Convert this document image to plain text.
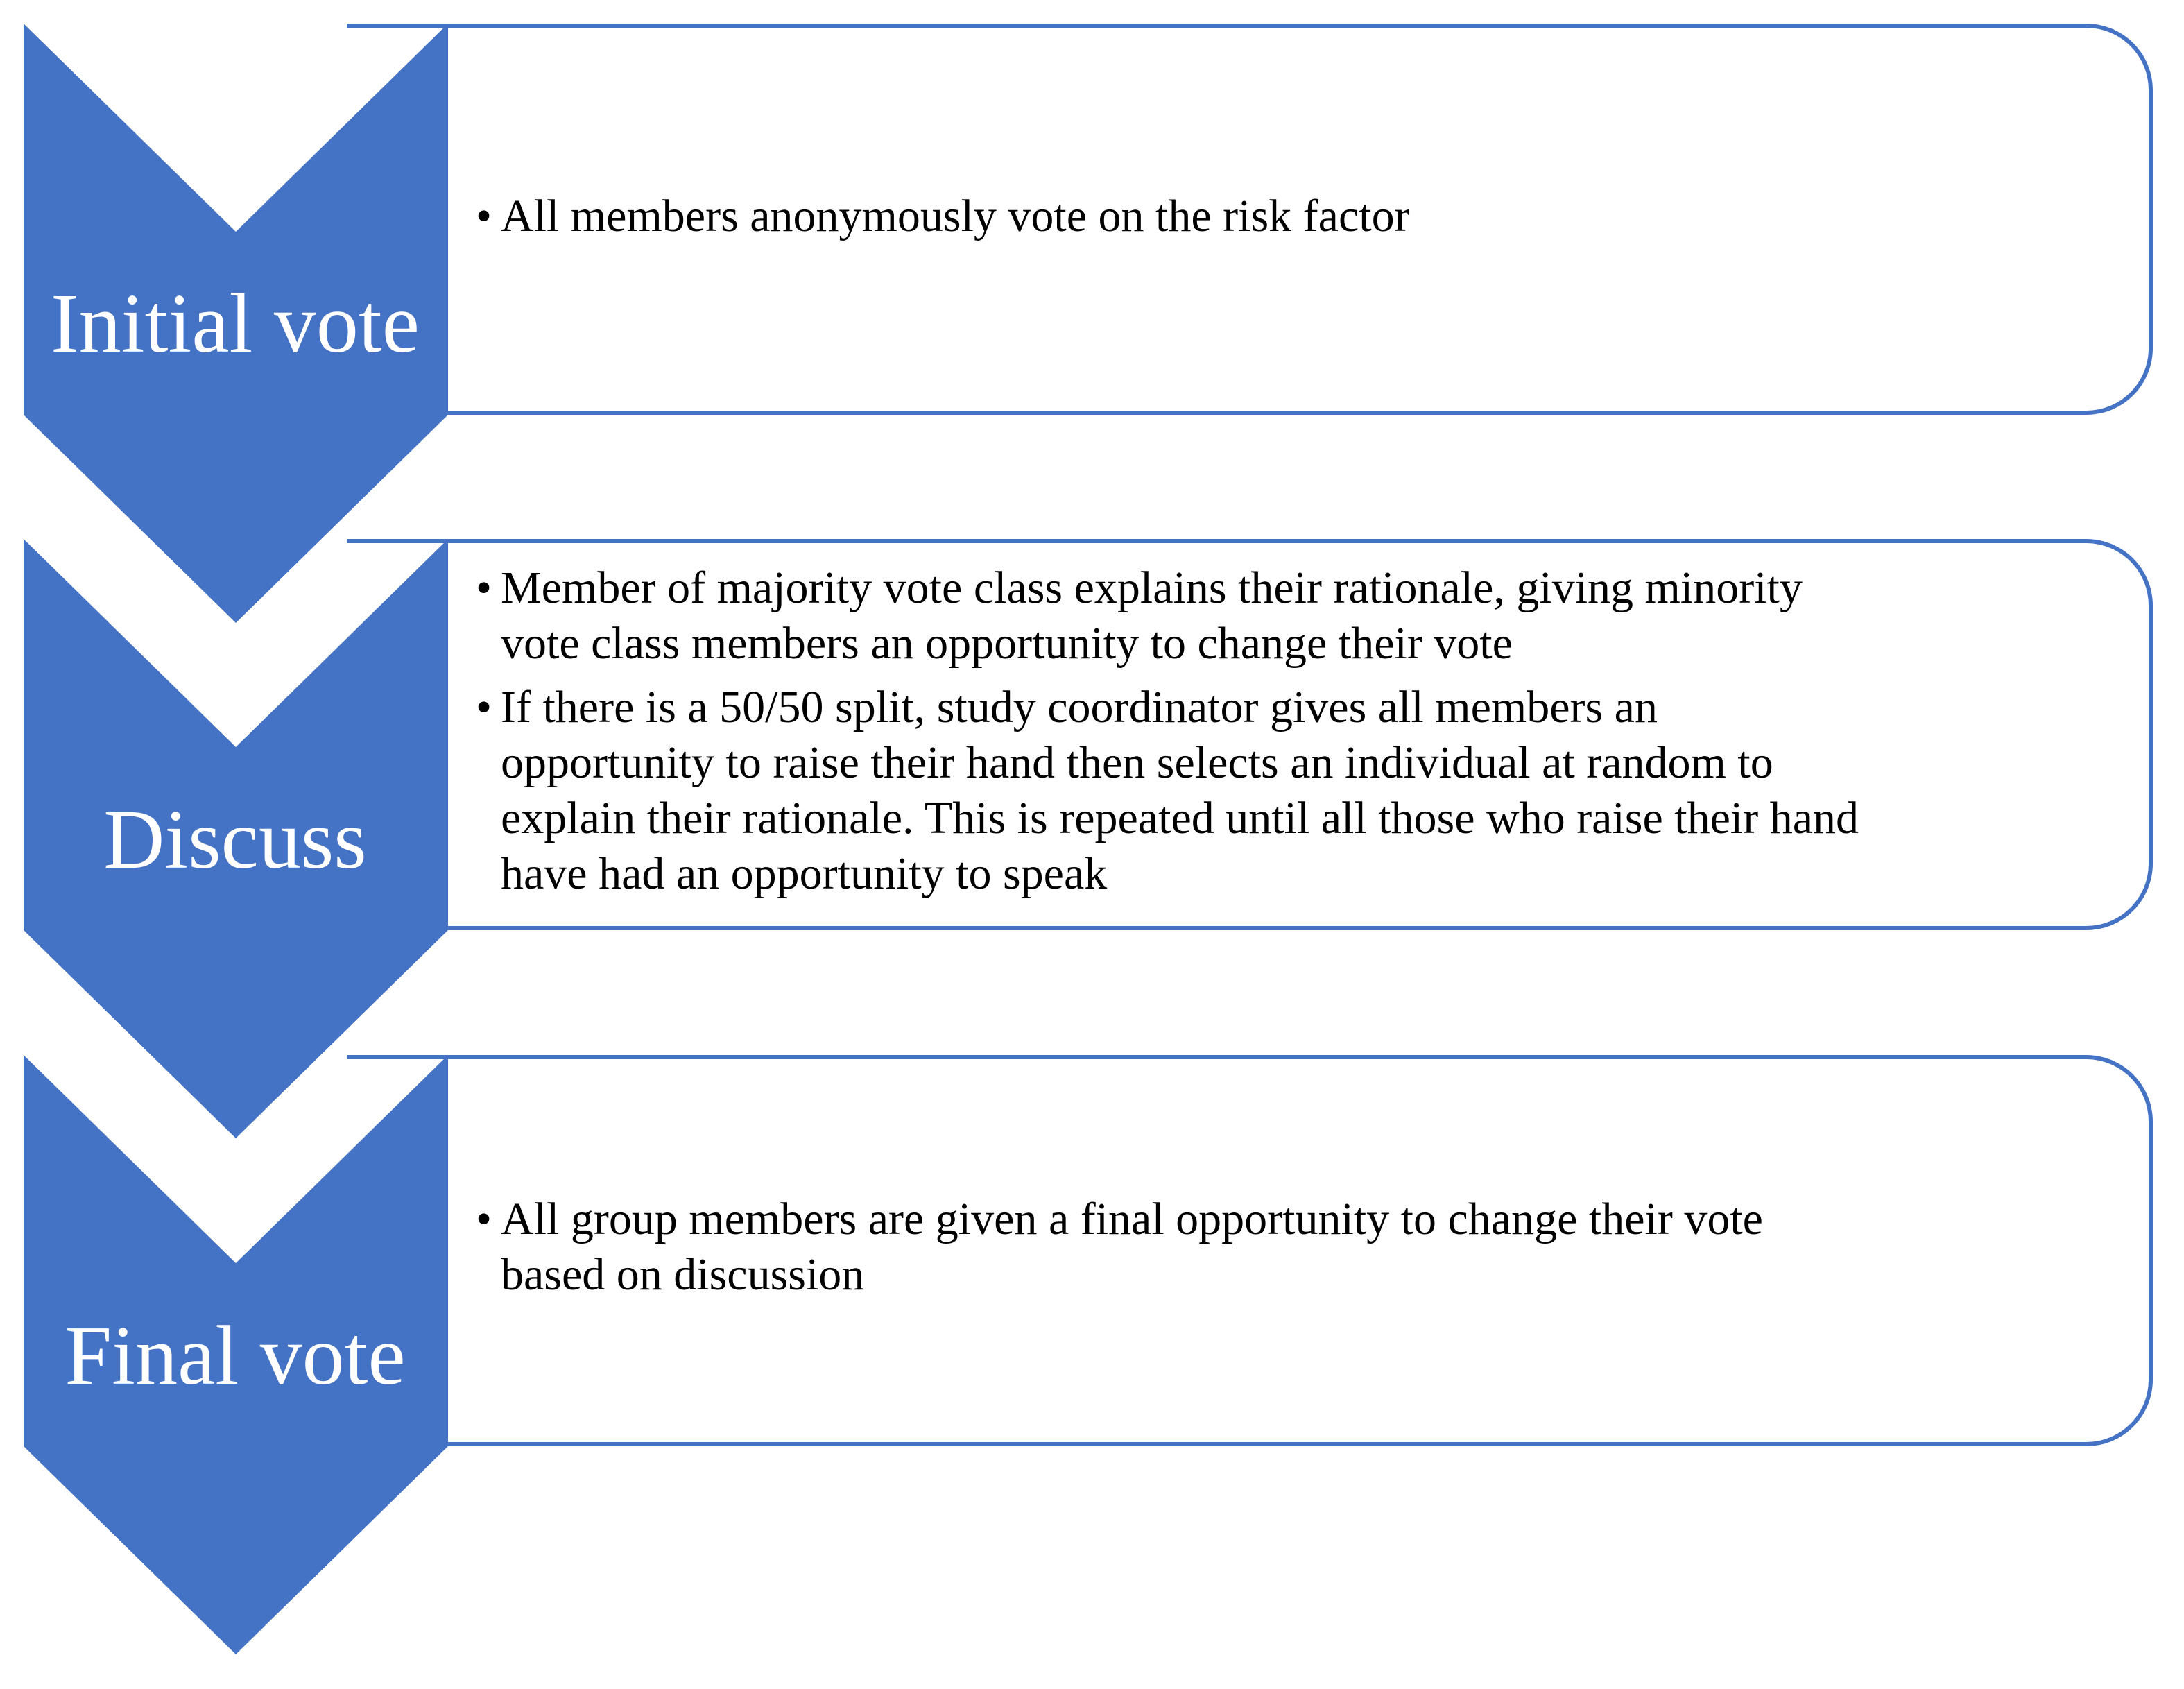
Initial vote
• All members anonymously vote on the risk factor
Discuss
• Member of majority vote class explains their rationale, giving minority
vote class members an opportunity to change their vote
• If there is a 50/50 split, study coordinator gives all members an
opportunity to raise their hand then selects an individual at random to
explain their rationale. This is repeated until all those who raise their hand
have had an opportunity to speak
Final vote
• All group members are given a final opportunity to change their vote
based on discussion
